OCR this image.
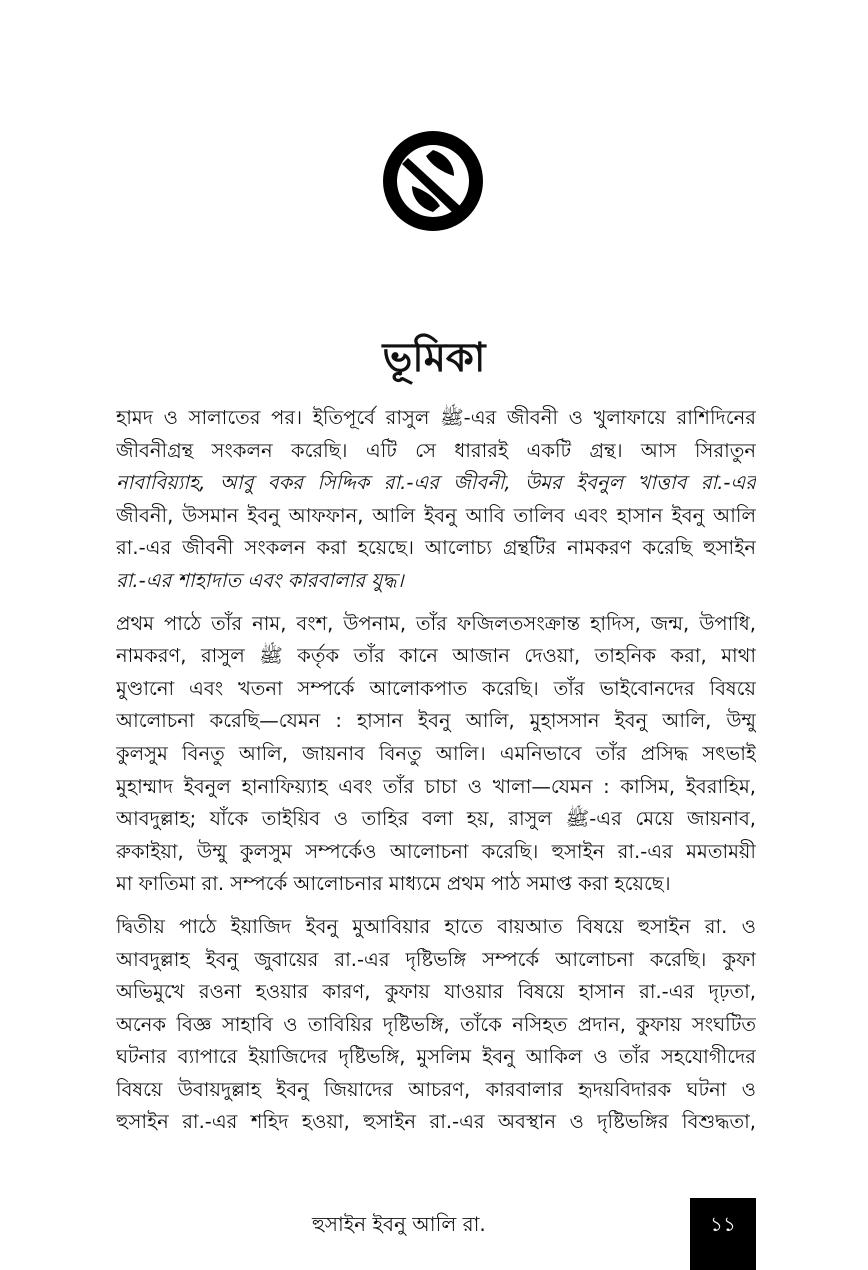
ভূমিকা

হামদ ও সালাতের পর। ইতিপূর্বে রাসুল ﷺ-এর জীবনী ও খুলাফায়ে রাশিদিনের
জীবনীগ্রন্থ সংকলন করেছি। এটি সে ধারারই একটি গ্রন্থ। আস সিরাতুন
নাবাবিয়্যাহ, আবু বকর সিদ্দিক রা.-এর জীবনী, উমর ইবনুল খাত্তাব রা.-এর
জীবনী, উসমান ইবনু আফফান, আলি ইবনু আবি তালিব এবং হাসান ইবনু আলি
রা.-এর জীবনী সংকলন করা হয়েছে। আলোচ্য গ্রন্থটির নামকরণ করেছি হুসাইন
রা.-এর শাহাদাত এবং কারবালার যুদ্ধ।

প্রথম পাঠে তাঁর নাম, বংশ, উপনাম, তাঁর ফজিলতসংক্রান্ত হাদিস, জন্ম, উপাধি,
নামকরণ, রাসুল ﷺ কর্তৃক তাঁর কানে আজান দেওয়া, তাহনিক করা, মাথা
মুণ্ডানো এবং খতনা সম্পর্কে আলোকপাত করেছি। তাঁর ভাইবোনদের বিষয়ে
আলোচনা করেছি—যেমন : হাসান ইবনু আলি, মুহাসসান ইবনু আলি, উম্মু
কুলসুম বিনতু আলি, জায়নাব বিনতু আলি। এমনিভাবে তাঁর প্রসিদ্ধ সৎভাই
মুহাম্মাদ ইবনুল হানাফিয়্যাহ এবং তাঁর চাচা ও খালা—যেমন : কাসিম, ইবরাহিম,
আবদুল্লাহ; যাঁকে তাইয়িব ও তাহির বলা হয়, রাসুল ﷺ-এর মেয়ে জায়নাব,
রুকাইয়া, উম্মু কুলসুম সম্পর্কেও আলোচনা করেছি। হুসাইন রা.-এর মমতাময়ী
মা ফাতিমা রা. সম্পর্কে আলোচনার মাধ্যমে প্রথম পাঠ সমাপ্ত করা হয়েছে।

দ্বিতীয় পাঠে ইয়াজিদ ইবনু মুআবিয়ার হাতে বায়আত বিষয়ে হুসাইন রা. ও
আবদুল্লাহ ইবনু জুবায়ের রা.-এর দৃষ্টিভঙ্গি সম্পর্কে আলোচনা করেছি। কুফা
অভিমুখে রওনা হওয়ার কারণ, কুফায় যাওয়ার বিষয়ে হাসান রা.-এর দৃঢ়তা,
অনেক বিজ্ঞ সাহাবি ও তাবিয়ির দৃষ্টিভঙ্গি, তাঁকে নসিহত প্রদান, কুফায় সংঘটিত
ঘটনার ব্যাপারে ইয়াজিদের দৃষ্টিভঙ্গি, মুসলিম ইবনু আকিল ও তাঁর সহযোগীদের
বিষয়ে উবায়দুল্লাহ ইবনু জিয়াদের আচরণ, কারবালার হৃদয়বিদারক ঘটনা ও
হুসাইন রা.-এর শহিদ হওয়া, হুসাইন রা.-এর অবস্থান ও দৃষ্টিভঙ্গির বিশুদ্ধতা,

হুসাইন ইবনু আলি রা.	১১
